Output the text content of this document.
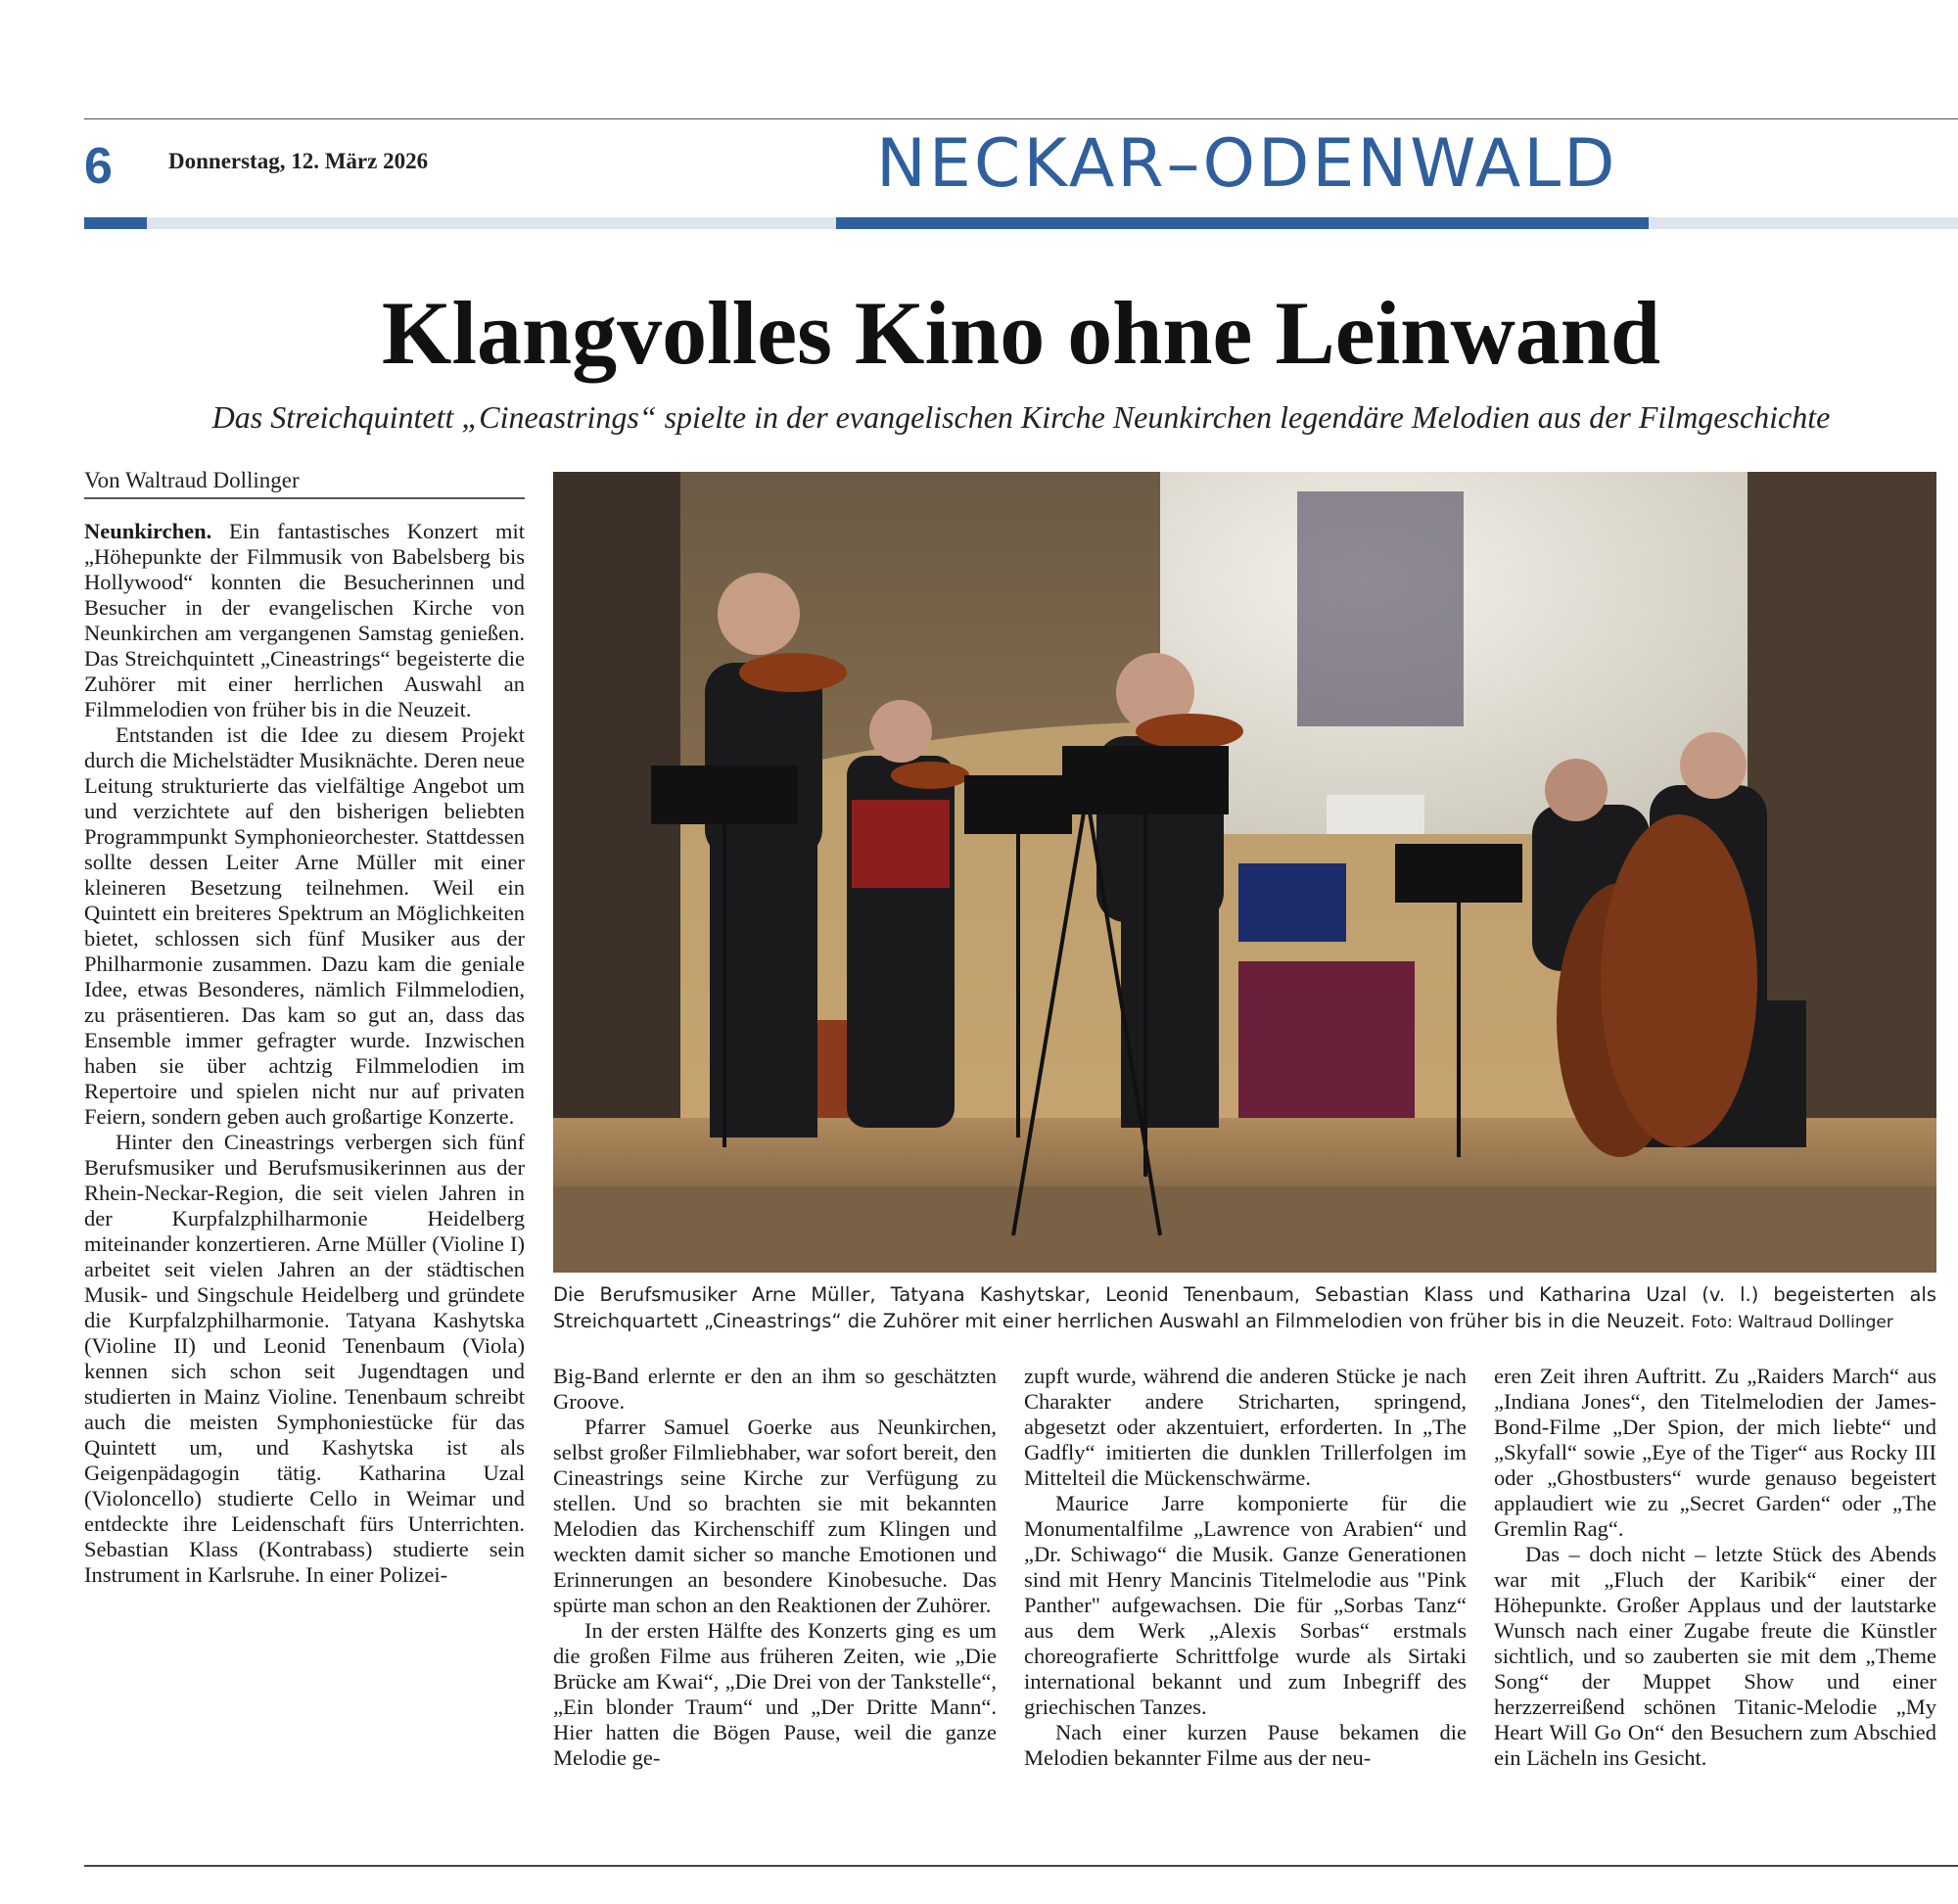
6 Donnerstag, 12. März 2026	NECKAR–ODENWALD
Klangvolles Kino ohne Leinwand
Das Streichquintett „Cineastrings“ spielte in der evangelischen Kirche Neunkirchen legendäre Melodien aus der Filmgeschichte
Von Waltraud Dollinger

Neunkirchen. Ein fantastisches Konzert mit „Höhepunkte der Filmmusik von Babelsberg bis Hollywood“ konnten die Besucherinnen und Besucher in der evangelischen Kirche von Neunkirchen am vergangenen Samstag genießen. Das Streichquintett „Cineastrings“ begeisterte die Zuhörer mit einer herrlichen Auswahl an Filmmelodien von früher bis in die Neuzeit.

Entstanden ist die Idee zu diesem Projekt durch die Michelstädter Musiknächte. Deren neue Leitung strukturierte das vielfältige Angebot um und verzichtete auf den bisherigen beliebten Programmpunkt Symphonieorchester. Stattdessen sollte dessen Leiter Arne Müller mit einer kleineren Besetzung teilnehmen. Weil ein Quintett ein breiteres Spektrum an Möglichkeiten bietet, schlossen sich fünf Musiker aus der Philharmonie zusammen. Dazu kam die geniale Idee, etwas Besonderes, nämlich Filmmelodien, zu präsentieren. Das kam so gut an, dass das Ensemble immer gefragter wurde. Inzwischen haben sie über achtzig Filmmelodien im Repertoire und spielen nicht nur auf privaten Feiern, sondern geben auch großartige Konzerte.

Hinter den Cineastrings verbergen sich fünf Berufsmusiker und Berufsmusikerinnen aus der Rhein-Neckar-Region, die seit vielen Jahren in der Kurpfalzphilharmonie Heidelberg miteinander konzertieren. Arne Müller (Violine I) arbeitet seit vielen Jahren an der städtischen Musik- und Singschule Heidelberg und gründete die Kurpfalzphilharmonie. Tatyana Kashytska (Violine II) und Leonid Tenenbaum (Viola) kennen sich schon seit Jugendtagen und studierten in Mainz Violine. Tenenbaum schreibt auch die meisten Symphoniestücke für das Quintett um, und Kashytska ist als Geigenpädagogin tätig. Katharina Uzal (Violoncello) studierte Cello in Weimar und entdeckte ihre Leidenschaft fürs Unterrichten. Sebastian Klass (Kontrabass) studierte sein Instrument in Karlsruhe. In einer Polizei-

Die Berufsmusiker Arne Müller, Tatyana Kashytskar, Leonid Tenenbaum, Sebastian Klass und Katharina Uzal (v. l.) begeisterten als Streichquartett „Cineastrings“ die Zuhörer mit einer herrlichen Auswahl an Filmmelodien von früher bis in die Neuzeit. Foto: Waltraud Dollinger

Big-Band erlernte er den an ihm so geschätzten Groove.

Pfarrer Samuel Goerke aus Neunkirchen, selbst großer Filmliebhaber, war sofort bereit, den Cineastrings seine Kirche zur Verfügung zu stellen. Und so brachten sie mit bekannten Melodien das Kirchenschiff zum Klingen und weckten damit sicher so manche Emotionen und Erinnerungen an besondere Kinobesuche. Das spürte man schon an den Reaktionen der Zuhörer.

In der ersten Hälfte des Konzerts ging es um die großen Filme aus früheren Zeiten, wie „Die Brücke am Kwai“, „Die Drei von der Tankstelle“, „Ein blonder Traum“ und „Der Dritte Mann“. Hier hatten die Bögen Pause, weil die ganze Melodie ge-

zupft wurde, während die anderen Stücke je nach Charakter andere Stricharten, springend, abgesetzt oder akzentuiert, erforderten. In „The Gadfly“ imitierten die dunklen Trillerfolgen im Mittelteil die Mückenschwärme.

Maurice Jarre komponierte für die Monumentalfilme „Lawrence von Arabien“ und „Dr. Schiwago“ die Musik. Ganze Generationen sind mit Henry Mancinis Titelmelodie aus "Pink Panther" aufgewachsen. Die für „Sorbas Tanz“ aus dem Werk „Alexis Sorbas“ erstmals choreografierte Schrittfolge wurde als Sirtaki international bekannt und zum Inbegriff des griechischen Tanzes.

Nach einer kurzen Pause bekamen die Melodien bekannter Filme aus der neu-

eren Zeit ihren Auftritt. Zu „Raiders March“ aus „Indiana Jones“, den Titelmelodien der James-Bond-Filme „Der Spion, der mich liebte“ und „Skyfall“ sowie „Eye of the Tiger“ aus Rocky III oder „Ghostbusters“ wurde genauso begeistert applaudiert wie zu „Secret Garden“ oder „The Gremlin Rag“.

Das – doch nicht – letzte Stück des Abends war mit „Fluch der Karibik“ einer der Höhepunkte. Großer Applaus und der lautstarke Wunsch nach einer Zugabe freute die Künstler sichtlich, und so zauberten sie mit dem „Theme Song“ der Muppet Show und einer herzzerreißend schönen Titanic-Melodie „My Heart Will Go On“ den Besuchern zum Abschied ein Lächeln ins Gesicht.
